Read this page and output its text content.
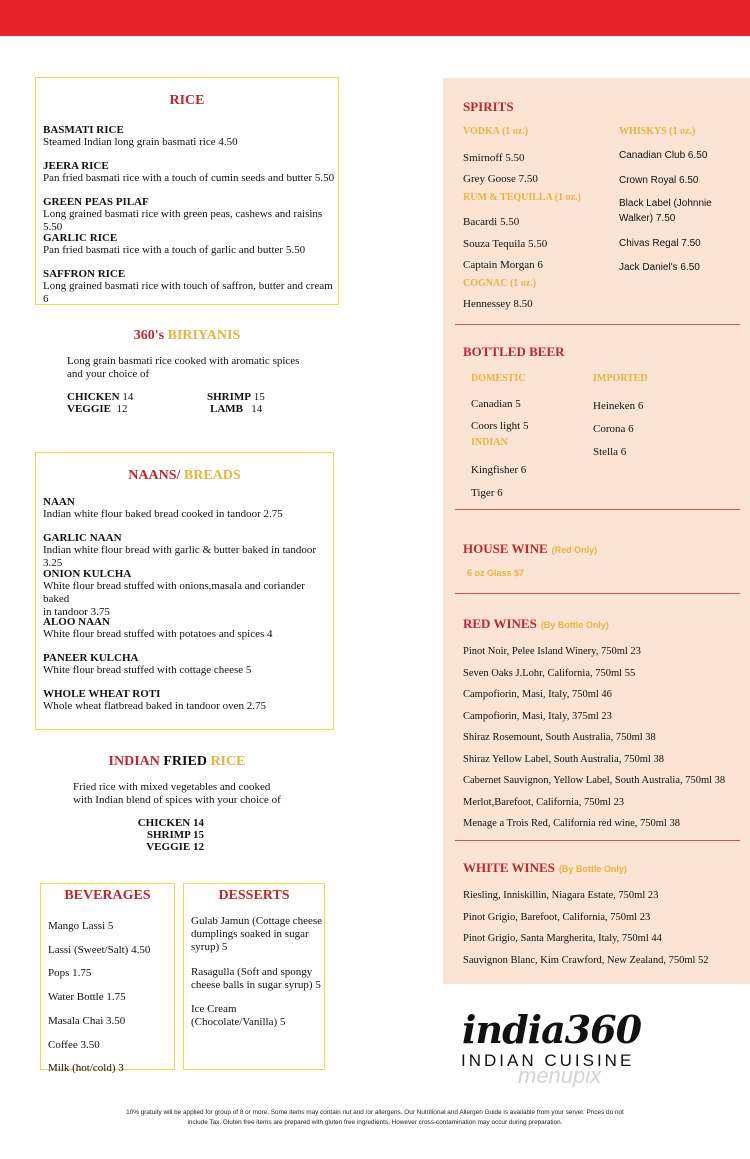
RICE
BASMATI RICE
Steamed Indian long grain basmati rice 4.50
JEERA RICE
Pan fried basmati rice with a touch of cumin seeds and butter 5.50
GREEN PEAS PILAF
Long grained basmati rice with green peas, cashews and raisins 5.50
GARLIC RICE
Pan fried basmati rice with a touch of garlic and butter 5.50
SAFFRON RICE
Long grained basmati rice with touch of saffron, butter and cream 6
360's BIRIYANIS
Long grain basmati rice cooked with aromatic spices
and your choice of
CHICKEN 14
VEGGIE 12
SHRIMP 15
LAMB 14
NAANS/ BREADS
NAAN
Indian white flour baked bread cooked in tandoor 2.75
GARLIC NAAN
Indian white flour bread with garlic & butter baked in tandoor 3.25
ONION KULCHA
White flour bread stuffed with onions,masala and coriander baked
in tandoor 3.75
ALOO NAAN
White flour bread stuffed with potatoes and spices 4
PANEER KULCHA
White flour bread stuffed with cottage cheese 5
WHOLE WHEAT ROTI
Whole wheat flatbread baked in tandoor oven 2.75
INDIAN FRIED RICE
Fried rice with mixed vegetables and cooked
with Indian blend of spices with your choice of
CHICKEN 14
SHRIMP 15
VEGGIE 12
BEVERAGES
Mango Lassi 5
Lassi (Sweet/Salt) 4.50
Pops 1.75
Water Bottle 1.75
Masala Chai 3.50
Coffee 3.50
Milk (hot/cold) 3
DESSERTS
Gulab Jamun (Cottage cheese
dumplings soaked in sugar
syrup) 5
Rasagulla (Soft and spongy
cheese balls in sugar syrup) 5
Ice Cream
(Chocolate/Vanilla) 5
SPIRITS
VODKA (1 oz.)
Smirnoff 5.50
Grey Goose 7.50
RUM & TEQUILLA (1 oz.)
Bacardi 5.50
Souza Tequila 5.50
Captain Morgan 6
COGNAC (1 oz.)
Hennessey 8.50
WHISKYS (1 oz.)
Canadian Club 6.50
Crown Royal 6.50
Black Label (Johnnie
Walker) 7.50
Chivas Regal 7.50
Jack Daniel's 6.50
BOTTLED BEER
DOMESTIC
Canadian 5
Coors light 5
INDIAN
Kingfisher 6
Tiger 6
IMPORTED
Heineken 6
Corona 6
Stella 6
HOUSE WINE (Red Only)
6 oz Glass $7
RED WINES (By Bottle Only)
Pinot Noir, Pelee Island Winery, 750ml 23
Seven Oaks J.Lohr, California, 750ml 55
Campofiorin, Masi, Italy, 750ml 46
Campofiorin, Masi, Italy, 375ml 23
Shiraz Rosemount, South Australia, 750ml 38
Shiraz Yellow Label, South Australia, 750ml 38
Cabernet Sauvignon, Yellow Label, South Australia, 750ml 38
Merlot,Barefoot, California, 750ml 23
Menage a Trois Red, California red wine, 750ml 38
WHITE WINES (By Bottle Only)
Riesling, Inniskillin, Niagara Estate, 750ml 23
Pinot Grigio, Barefoot, California, 750ml 23
Pinot Grigio, Santa Margherita, Italy, 750ml 44
Sauvignon Blanc, Kim Crawford, New Zealand, 750ml 52
india360
INDIAN CUISINE
menupix
10% gratuity will be applied for group of 8 or more. Some items may contain nut and /or allergens. Our Nutritional and Allergen Guide is available from your server. Prices do not
include Tax. Gluten free items are prepared with gluten free ingredients, However cross-contamination may occur during preparation.
